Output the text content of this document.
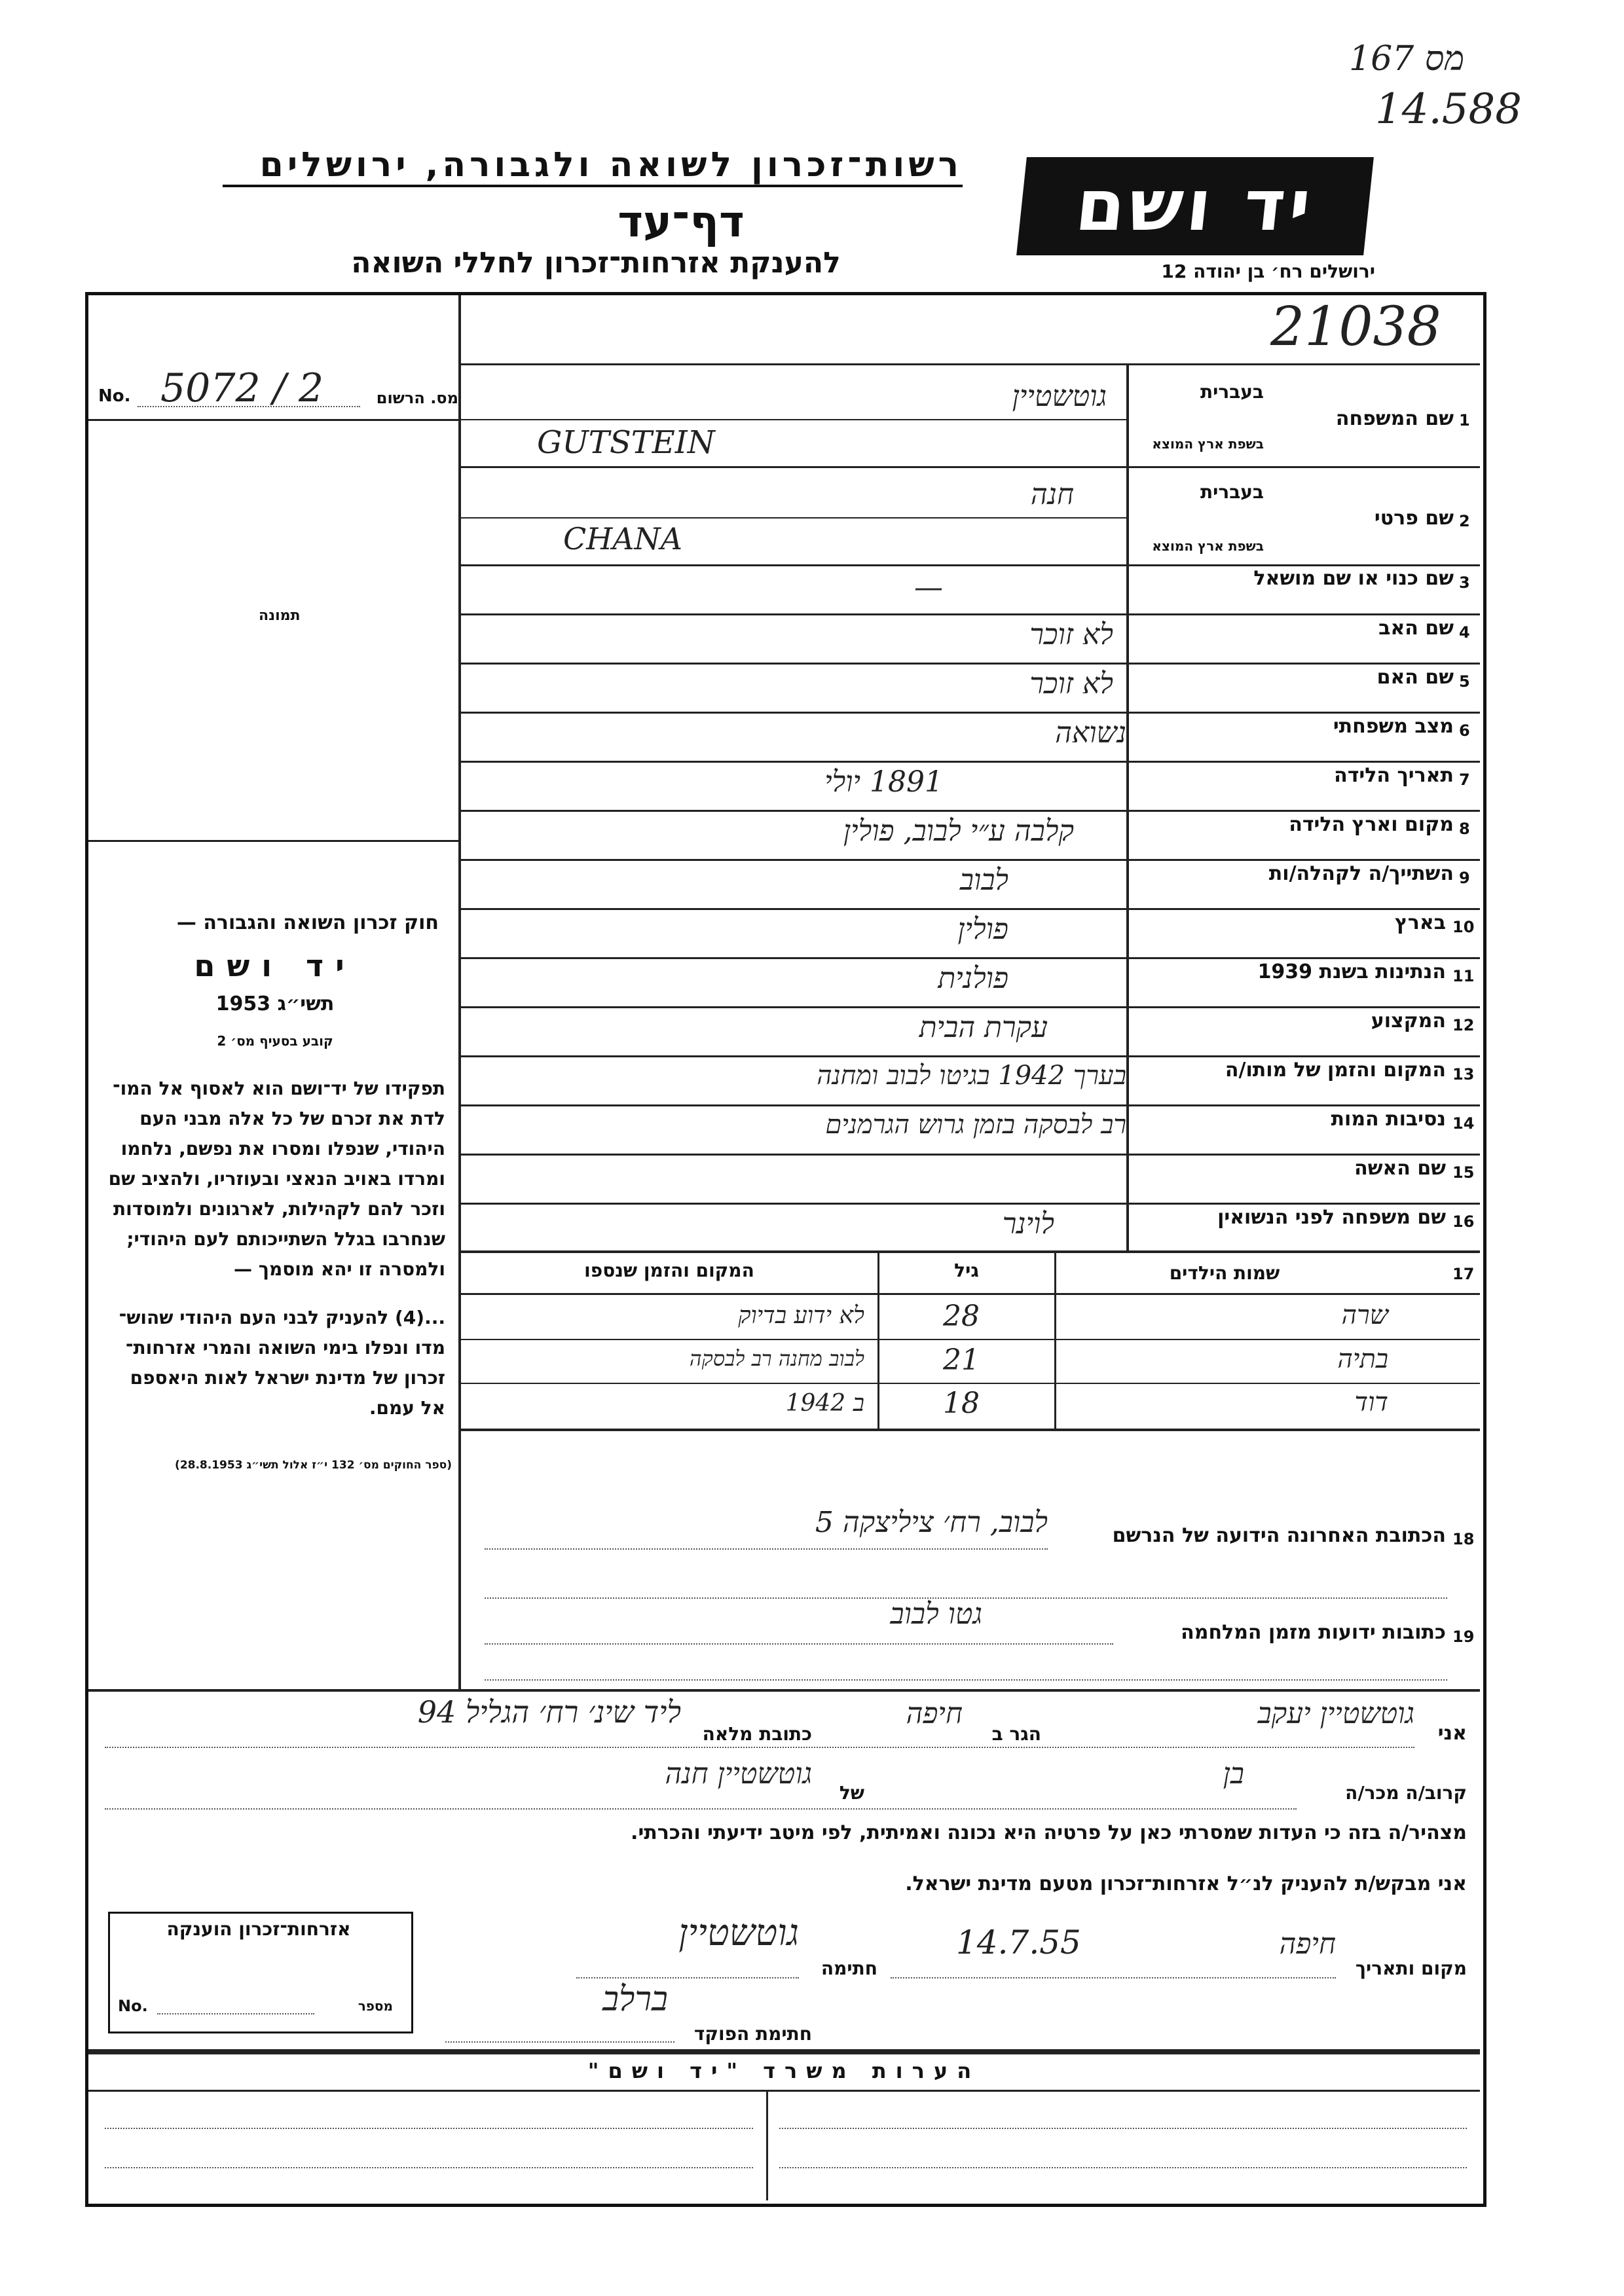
167 מס
14.588
רשות־זכרון לשואה ולגבורה, ירושלים
דף־עד
להענקת אזרחות־זכרון לחללי השואה
יד ושם
ירושלים רח׳ בן יהודה 12
21038
No. 5072 / 2	מס. הרשום
תמונה
חוק זכרון השואה והגבורה —
יד ושם
תשי״ג 1953
קובע בסעיף מס׳ 2
תפקידו של יד־ושם הוא לאסוף אל המו־ לדת את זכרם של כל אלה מבני העם היהודי, שנפלו ומסרו את נפשם, נלחמו ומרדו באויב הנאצי ובעוזריו, ולהציב שם וזכר להם לקהילות, לארגונים ולמוסדות שנחרבו בגלל השתייכותם לעם היהודי; ולמסרה זו יהא מוסמך —
...(4) להעניק לבני העם היהודי שהוש־ מדו ונפלו בימי השואה והמרי אזרחות־ זכרון של מדינת ישראל לאות היאספם אל עמם.
(ספר החוקים מס׳ 132 י״ז אלול תשי״ג 28.8.1953)
1
שם המשפחה
בעברית
בשפת ארץ המוצא
גוטשטיין
GUTSTEIN
2
שם פרטי
בעברית
בשפת ארץ המוצא
חנה
CHANA
3
שם כנוי או שם מושאל
—
4
שם האב
לא זוכר
5
שם האם
לא זוכר
6
מצב משפחתי
נשואה
7
תאריך הלידה
1891 יולי
8
מקום וארץ הלידה
קלבה ע״י לבוב, פולין
9
השתייך/ה לקהלה/ות
לבוב
10
בארץ
פולין
11
הנתינות בשנת 1939
פולנית
12
המקצוע
עקרת הבית
13
המקום והזמן של מותו/ה
בערך 1942 בגיטו לבוב ומחנה
14
נסיבות המות
רב לבסקה בזמן גרוש הגרמנים
15
שם האשה
16
שם משפחה לפני הנשואין
לוינר
17
שמות הילדים
גיל
המקום והזמן שנספו
שרה
28
לא ידוע בדיוק
בתיה
21
לבוב מחנה רב לבסקה
דוד
18
ב 1942
18
הכתובת האחרונה הידועה של הנרשם
לבוב, רח׳ ציליצקה 5
19
כתובות ידועות מזמן המלחמה
גטו לבוב
אני
גוטשטיין יעקב
הגר ב
חיפה
כתובת מלאה
ליד שינ׳ רח׳ הגליל 94
קרוב/ה מכר/ה
בן
של
גוטשטיין חנה
מצהיר/ה בזה כי העדות שמסרתי כאן על פרטיה היא נכונה ואמיתית, לפי מיטב ידיעתי והכרתי.
אני מבקש/ת להעניק לנ״ל אזרחות־זכרון מטעם מדינת ישראל.
אזרחות־זכרון הוענקה
No.	מספר
מקום ותאריך
חיפה
14.7.55
חתימה
גוטשטיין
חתימת הפוקד
ברלב
הערות משרד "יד ושם"
